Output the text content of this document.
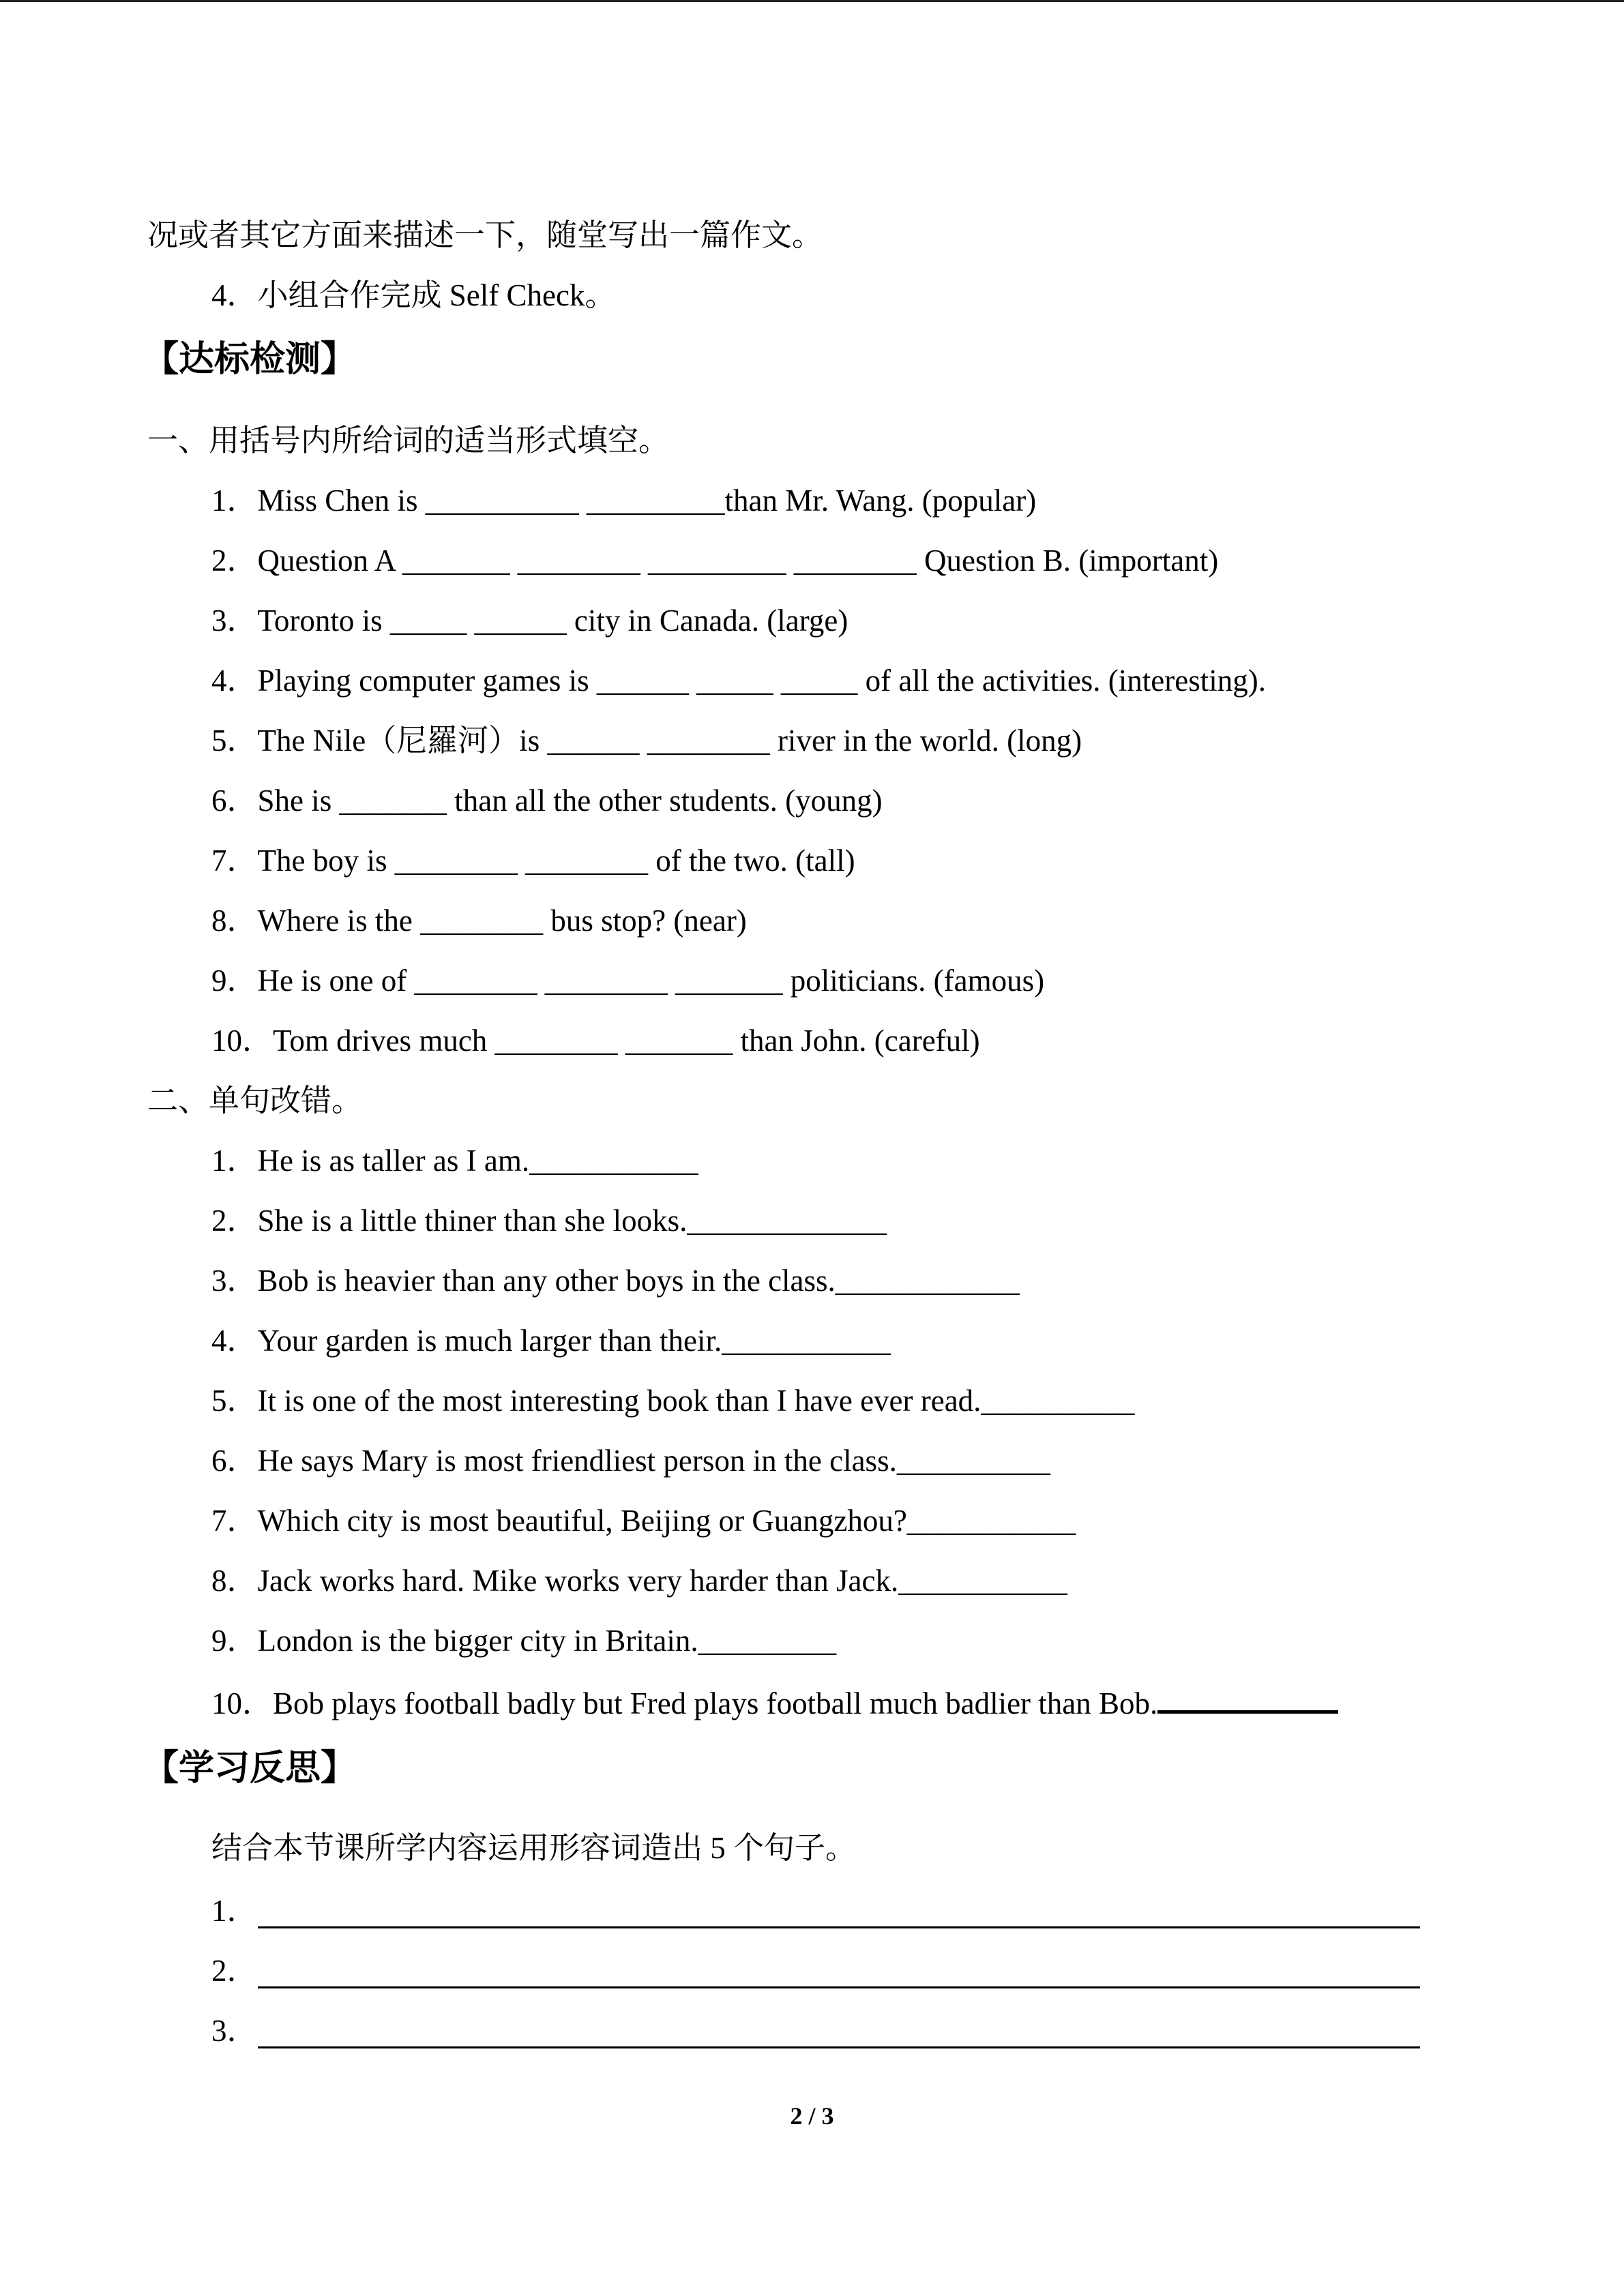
况或者其它方面来描述一下，随堂写出一篇作文。
4．小组合作完成 Self Check。
【达标检测】
一、用括号内所给词的适当形式填空。
1．Miss Chen is __________ _________than Mr. Wang. (popular)
2．Question A _______ ________ _________ ________ Question B. (important)
3．Toronto is _____ ______ city in Canada. (large)
4．Playing computer games is ______ _____ _____ of all the activities. (interesting).
5．The Nile（尼羅河）is ______ ________ river in the world. (long)
6．She is _______ than all the other students. (young)
7．The boy is ________ ________ of the two. (tall)
8．Where is the ________ bus stop? (near)
9．He is one of ________ ________ _______ politicians. (famous)
10．Tom drives much ________ _______ than John. (careful)
二、单句改错。
1．He is as taller as I am.___________
2．She is a little thiner than she looks._____________
3．Bob is heavier than any other boys in the class.____________
4．Your garden is much larger than their.___________
5．It is one of the most interesting book than I have ever read.__________
6．He says Mary is most friendliest person in the class.__________
7．Which city is most beautiful, Beijing or Guangzhou?___________
8．Jack works hard. Mike works very harder than Jack.___________
9．London is the bigger city in Britain._________
10．Bob plays football badly but Fred plays football much badlier than Bob.
【学习反思】
结合本节课所学内容运用形容词造出 5 个句子。
1．
2．
3．
2 / 3
